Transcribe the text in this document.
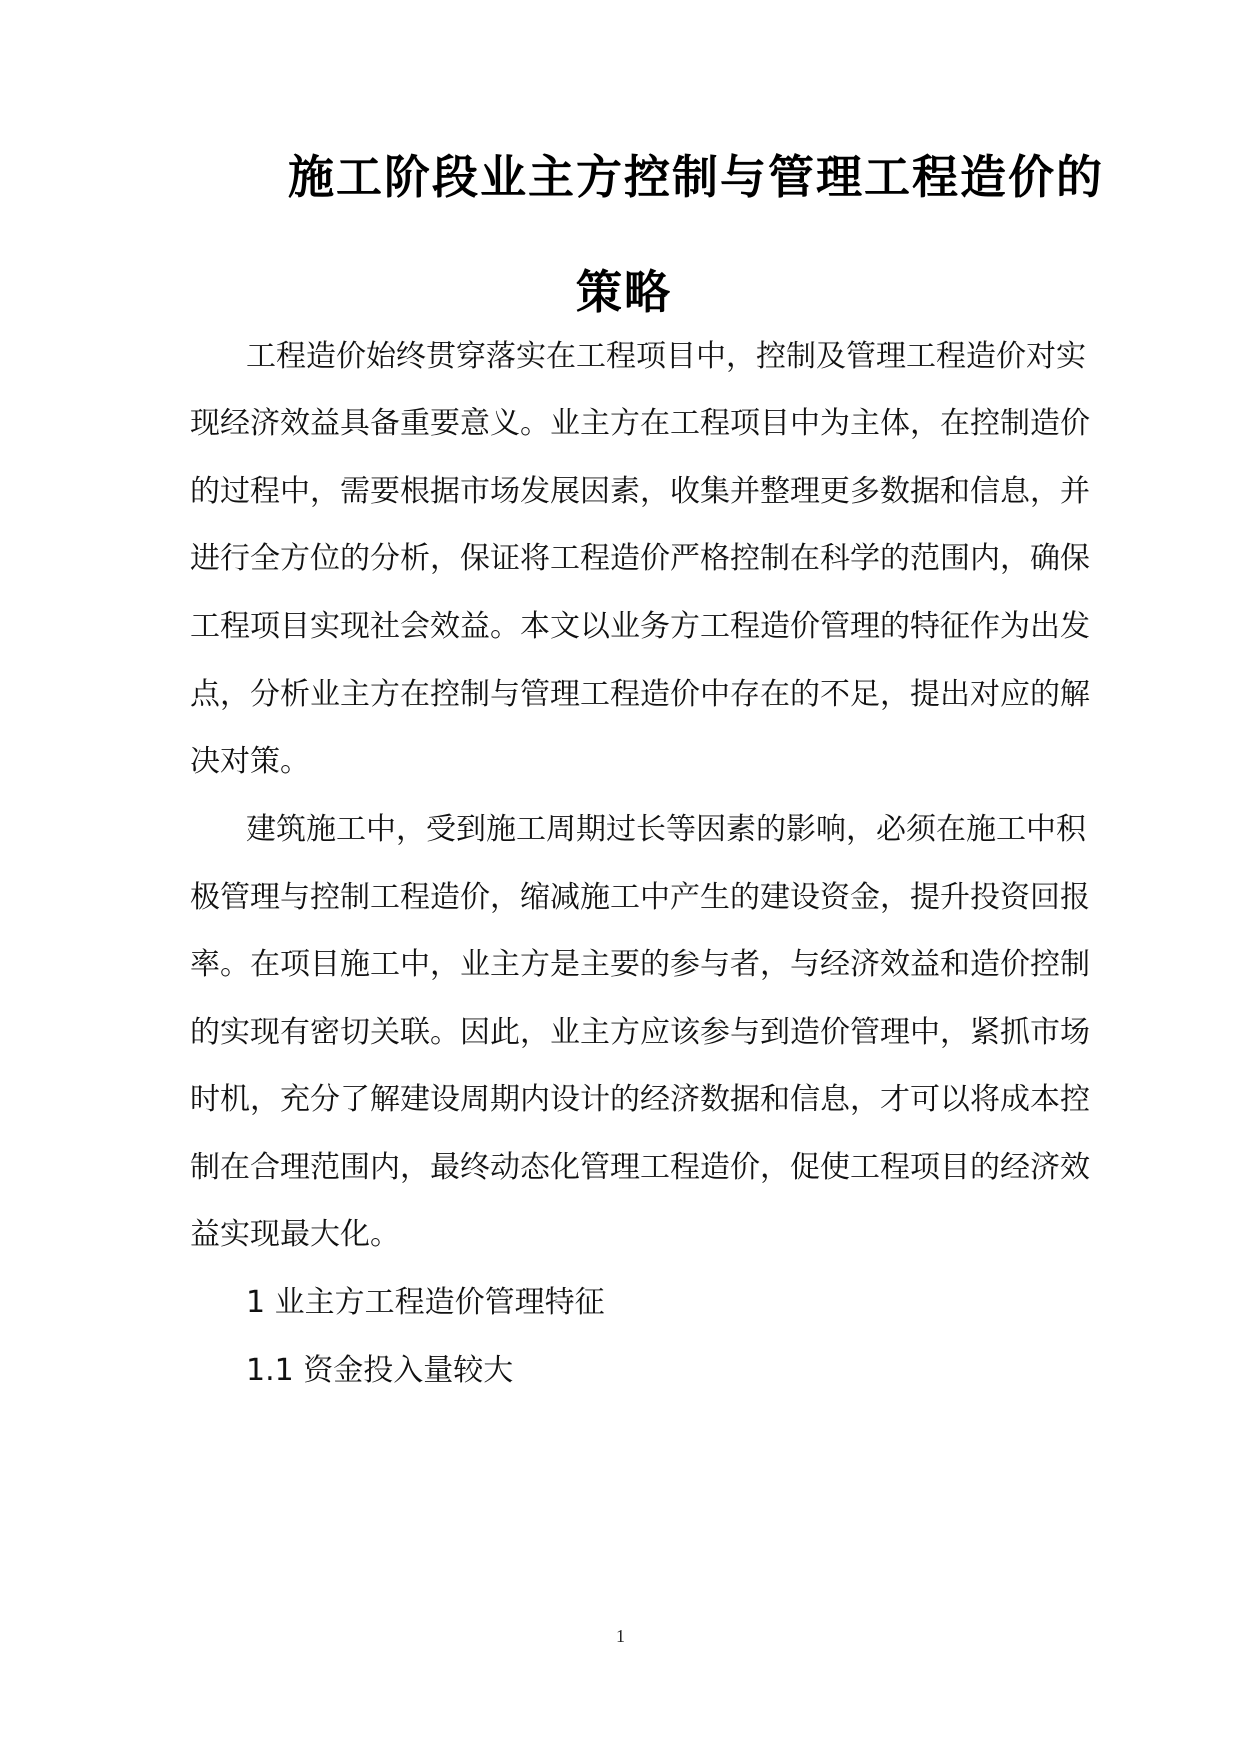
施工阶段业主方控制与管理工程造价的
策略
工程造价始终贯穿落实在工程项目中，控制及管理工程造价对实
现经济效益具备重要意义。业主方在工程项目中为主体，在控制造价
的过程中，需要根据市场发展因素，收集并整理更多数据和信息，并
进行全方位的分析，保证将工程造价严格控制在科学的范围内，确保
工程项目实现社会效益。本文以业务方工程造价管理的特征作为出发
点，分析业主方在控制与管理工程造价中存在的不足，提出对应的解
决对策。
建筑施工中，受到施工周期过长等因素的影响，必须在施工中积
极管理与控制工程造价，缩减施工中产生的建设资金，提升投资回报
率。在项目施工中，业主方是主要的参与者，与经济效益和造价控制
的实现有密切关联。因此，业主方应该参与到造价管理中，紧抓市场
时机，充分了解建设周期内设计的经济数据和信息，才可以将成本控
制在合理范围内，最终动态化管理工程造价，促使工程项目的经济效
益实现最大化。
1 业主方工程造价管理特征
1.1 资金投入量较大
1
